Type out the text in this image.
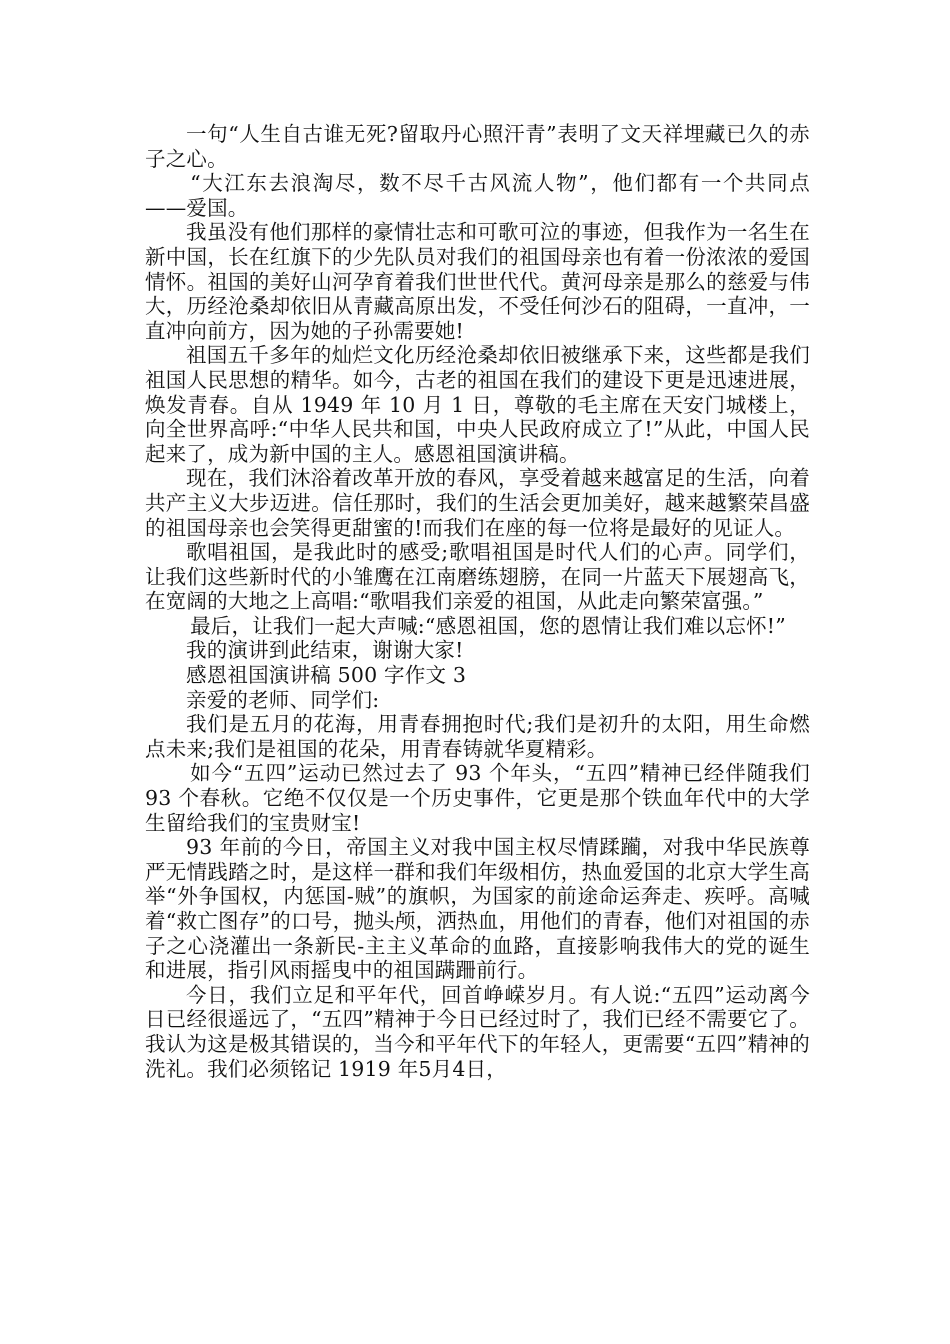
一句“人生自古谁无死?留取丹心照汗青”表明了文天祥埋藏已久的赤子之心。

“大江东去浪淘尽，数不尽千古风流人物”，他们都有一个共同点——爱国。

我虽没有他们那样的豪情壮志和可歌可泣的事迹，但我作为一名生在新中国，长在红旗下的少先队员对我们的祖国母亲也有着一份浓浓的爱国情怀。祖国的美好山河孕育着我们世世代代。黄河母亲是那么的慈爱与伟大，历经沧桑却依旧从青藏高原出发，不受任何沙石的阻碍，一直冲，一直冲向前方，因为她的子孙需要她!

祖国五千多年的灿烂文化历经沧桑却依旧被继承下来，这些都是我们祖国人民思想的精华。如今，古老的祖国在我们的建设下更是迅速进展，焕发青春。自从 1949 年 10 月 1 日，尊敬的毛主席在天安门城楼上，向全世界高呼:“中华人民共和国，中央人民政府成立了!”从此，中国人民起来了，成为新中国的主人。感恩祖国演讲稿。

现在，我们沐浴着改革开放的春风，享受着越来越富足的生活，向着共产主义大步迈进。信任那时，我们的生活会更加美好，越来越繁荣昌盛的祖国母亲也会笑得更甜蜜的!而我们在座的每一位将是最好的见证人。

歌唱祖国，是我此时的感受;歌唱祖国是时代人们的心声。同学们，让我们这些新时代的小雏鹰在江南磨练翅膀，在同一片蓝天下展翅高飞，在宽阔的大地之上高唱:“歌唱我们亲爱的祖国，从此走向繁荣富强。”

最后，让我们一起大声喊:“感恩祖国，您的恩情让我们难以忘怀!”

我的演讲到此结束，谢谢大家!

感恩祖国演讲稿 500 字作文 3

亲爱的老师、同学们:

我们是五月的花海，用青春拥抱时代;我们是初升的太阳，用生命燃点未来;我们是祖国的花朵，用青春铸就华夏精彩。

如今“五四”运动已然过去了 93 个年头，“五四”精神已经伴随我们 93 个春秋。它绝不仅仅是一个历史事件，它更是那个铁血年代中的大学生留给我们的宝贵财宝!

93 年前的今日，帝国主义对我中国主权尽情蹂躏，对我中华民族尊严无情践踏之时，是这样一群和我们年级相仿，热血爱国的北京大学生高举“外争国权，内惩国-贼”的旗帜，为国家的前途命运奔走、疾呼。高喊着“救亡图存”的口号，抛头颅，洒热血，用他们的青春，他们对祖国的赤子之心浇灌出一条新民-主主义革命的血路，直接影响我伟大的党的诞生和进展，指引风雨摇曳中的祖国蹒跚前行。

今日，我们立足和平年代，回首峥嵘岁月。有人说:“五四”运动离今日已经很遥远了，“五四”精神于今日已经过时了，我们已经不需要它了。我认为这是极其错误的，当今和平年代下的年轻人，更需要“五四”精神的洗礼。我们必须铭记 1919 年5月4日，
